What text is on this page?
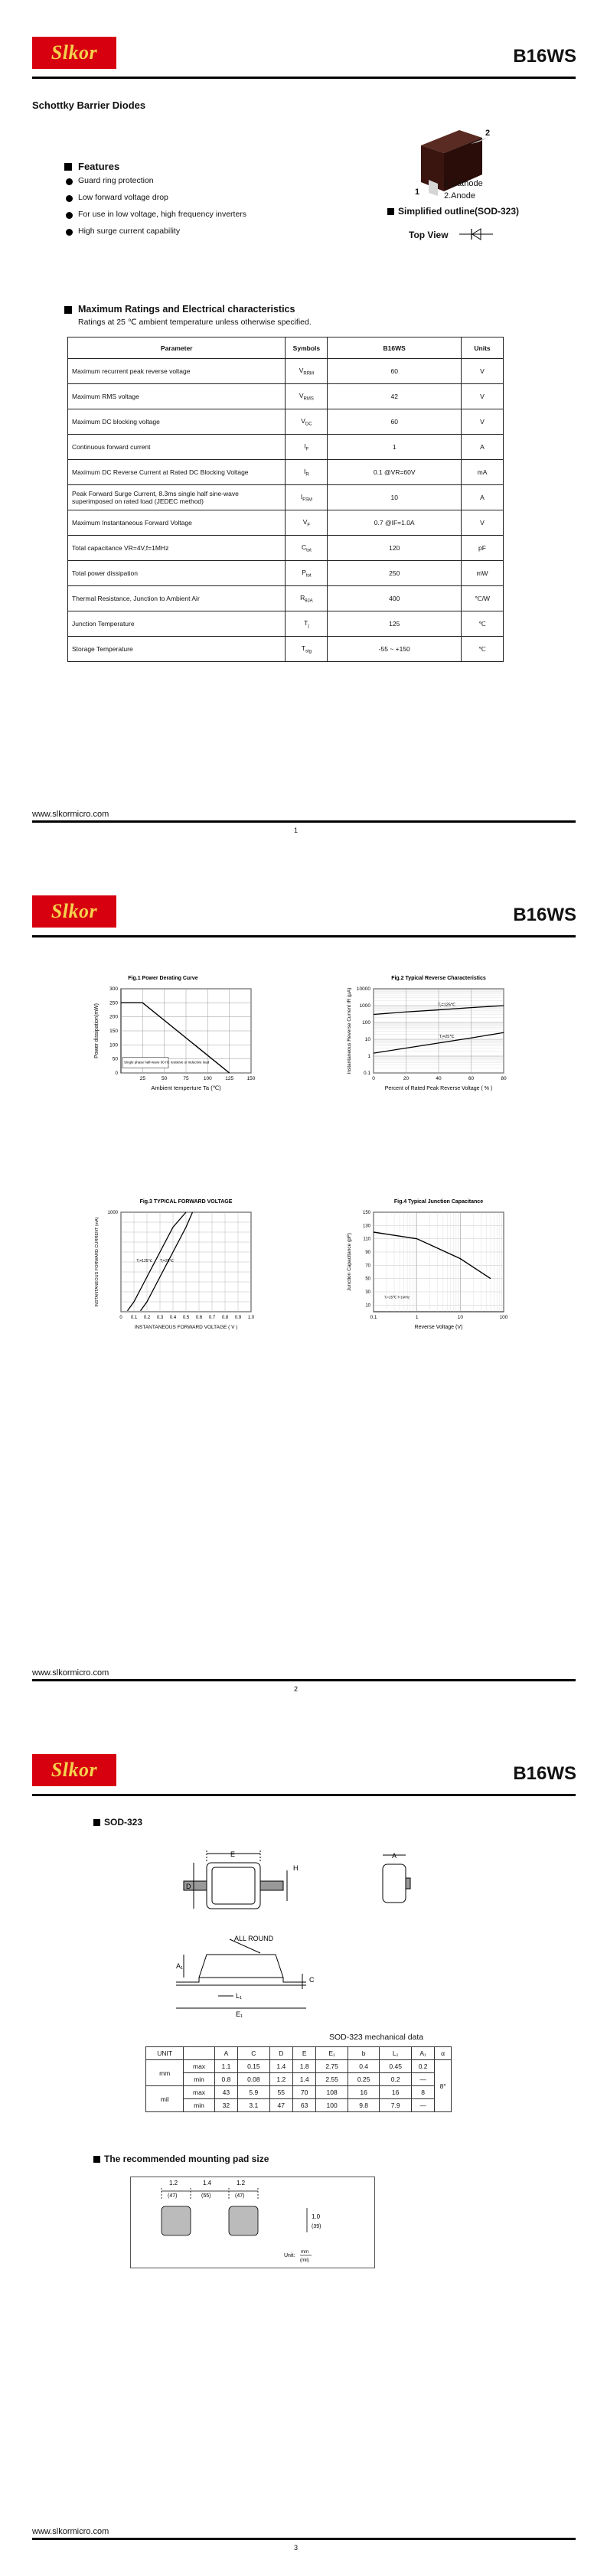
Slkor	B16WS
Schottky Barrier Diodes
Features
Guard ring protection
Low forward voltage drop
For use in low voltage, high frequency inverters
High surge current capability
2
1
1.Cathode
2.Anode
Simplified outline(SOD-323)
Top View
Maximum Ratings and Electrical characteristics
Ratings at 25 ℃ ambient temperature unless otherwise specified.
Parameter	Symbols	B16WS	Units
Maximum recurrent peak reverse voltage	$V_{RRM}$	60	V
Maximum RMS voltage	$V_{RMS}$	42	V
Maximum DC blocking voltage	$V_{DC}$	60	V
Continuous forward current	$I_F$	1	A
Maximum DC Reverse Current at Rated DC Blocking Voltage	$I_R$	0.1 @VR=60V	mA
Peak Forward Surge Current, 8.3ms single half sine-wave superimposed on rated load (JEDEC method)	$I_{FSM}$	10	A
Maximum Instantaneous Forward Voltage	$V_F$	0.7 @IF=1.0A	V
Total capacitance VR=4V,f=1MHz	$C_{tot}$	120	pF
Total power dissipation	$P_{tot}$	250	mW
Thermal Resistance, Junction to Ambient Air	$R_{\theta JA}$	400	℃/W
Junction Temperature	$T_j$	125	℃
Storage Temperature	$T_{stg}$	-55 ~ +150	℃
www.slkormicro.com
1
Slkor	B16WS
Fig.1 Power Derating Curve
0
50
100
150
200
250
300
25	50	75	100	125	150
Single phase half-wave 60 Hz resistive or inductive load
Ambient temperture Ta (℃)
Power dissipation(mW)
Fig.2 Typical Reverse Characteristics
0.1
1
10
100
1000
10000
0	20	40	60	80
Tⱼ=125℃
Tⱼ=25℃
Percent of Rated Peak Reverse Voltage ( % )
Instantaneous Reverse Current IR (μA)
Fig.3 TYPICAL FORWARD VOLTAGE
0 0.1 0.2 0.3 0.4 0.5 0.6 0.7 0.8 0.9 1.0
1000
Tⱼ=125℃ Tⱼ=25℃
INSTANTANEOUS FORWARD VOLTAGE ( V )
INSTANTANEOUS FORWARD CURRENT (mA)
Fig.4 Typical Junction Capacitance
0.1	1	10	100
10
30
50
70
90
110
130
150
Tⱼ=25℃ f=1MHz
Reverse Voltage (V)
Junction Capacitance (pF)
www.slkormicro.com
2
Slkor	B16WS
SOD-323
E
D
H
A
ALL ROUND
A₁
C
L₁
E₁
SOD-323 mechanical data
UNIT		A	C	D	E	E₁	b	L₁	A₁	α
mm	max	1.1	0.15	1.4	1.8	2.75	0.4	0.45	0.2	8°
	min	0.8	0.08	1.2	1.4	2.55	0.25	0.2	—	
mil	max	43	5.9	55	70	108	16	16	8	
	min	32	3.1	47	63	100	9.8	7.9	—	
The recommended mounting pad size
1.2
(47)
1.4
(55)
1.2
(47)
1.0
(39)
Unit:
mm
(mil)
www.slkormicro.com
3
